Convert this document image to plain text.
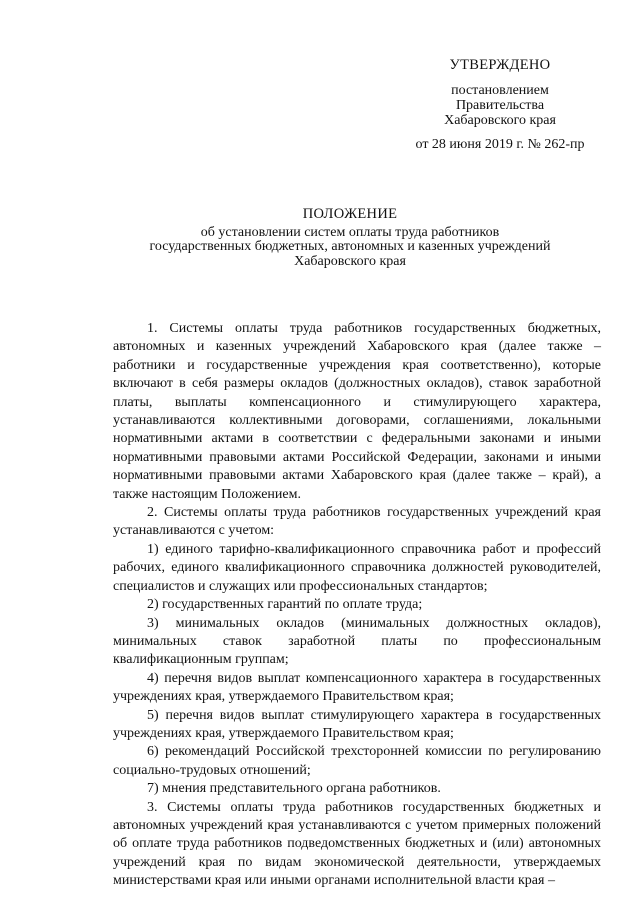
УТВЕРЖДЕНО
постановлением
Правительства
Хабаровского края
от 28 июня 2019 г. № 262-пр
ПОЛОЖЕНИЕ
об установлении систем оплаты труда работников
государственных бюджетных, автономных и казенных учреждений
Хабаровского края

1. Системы оплаты труда работников государственных бюджетных, автономных и казенных учреждений Хабаровского края (далее также – работники и государственные учреждения края соответственно), которые включают в себя размеры окладов (должностных окладов), ставок заработной платы, выплаты компенсационного и стимулирующего характера, устанавливаются коллективными договорами, соглашениями, локальными нормативными актами в соответствии с федеральными законами и иными нормативными правовыми актами Российской Федерации, законами и иными нормативными правовыми актами Хабаровского края (далее также – край), а также настоящим Положением.

2. Системы оплаты труда работников государственных учреждений края устанавливаются с учетом:

1) единого тарифно-квалификационного справочника работ и профессий рабочих, единого квалификационного справочника должностей руководителей, специалистов и служащих или профессиональных стандартов;

2) государственных гарантий по оплате труда;

3) минимальных окладов (минимальных должностных окладов), минимальных ставок заработной платы по профессиональным квалификационным группам;

4) перечня видов выплат компенсационного характера в государственных учреждениях края, утверждаемого Правительством края;

5) перечня видов выплат стимулирующего характера в государственных учреждениях края, утверждаемого Правительством края;

6) рекомендаций Российской трехсторонней комиссии по регулированию социально-трудовых отношений;

7) мнения представительного органа работников.

3. Системы оплаты труда работников государственных бюджетных и автономных учреждений края устанавливаются с учетом примерных положений об оплате труда работников подведомственных бюджетных и (или) автономных учреждений края по видам экономической деятельности, утверждаемых министерствами края или иными органами исполнительной власти края –
